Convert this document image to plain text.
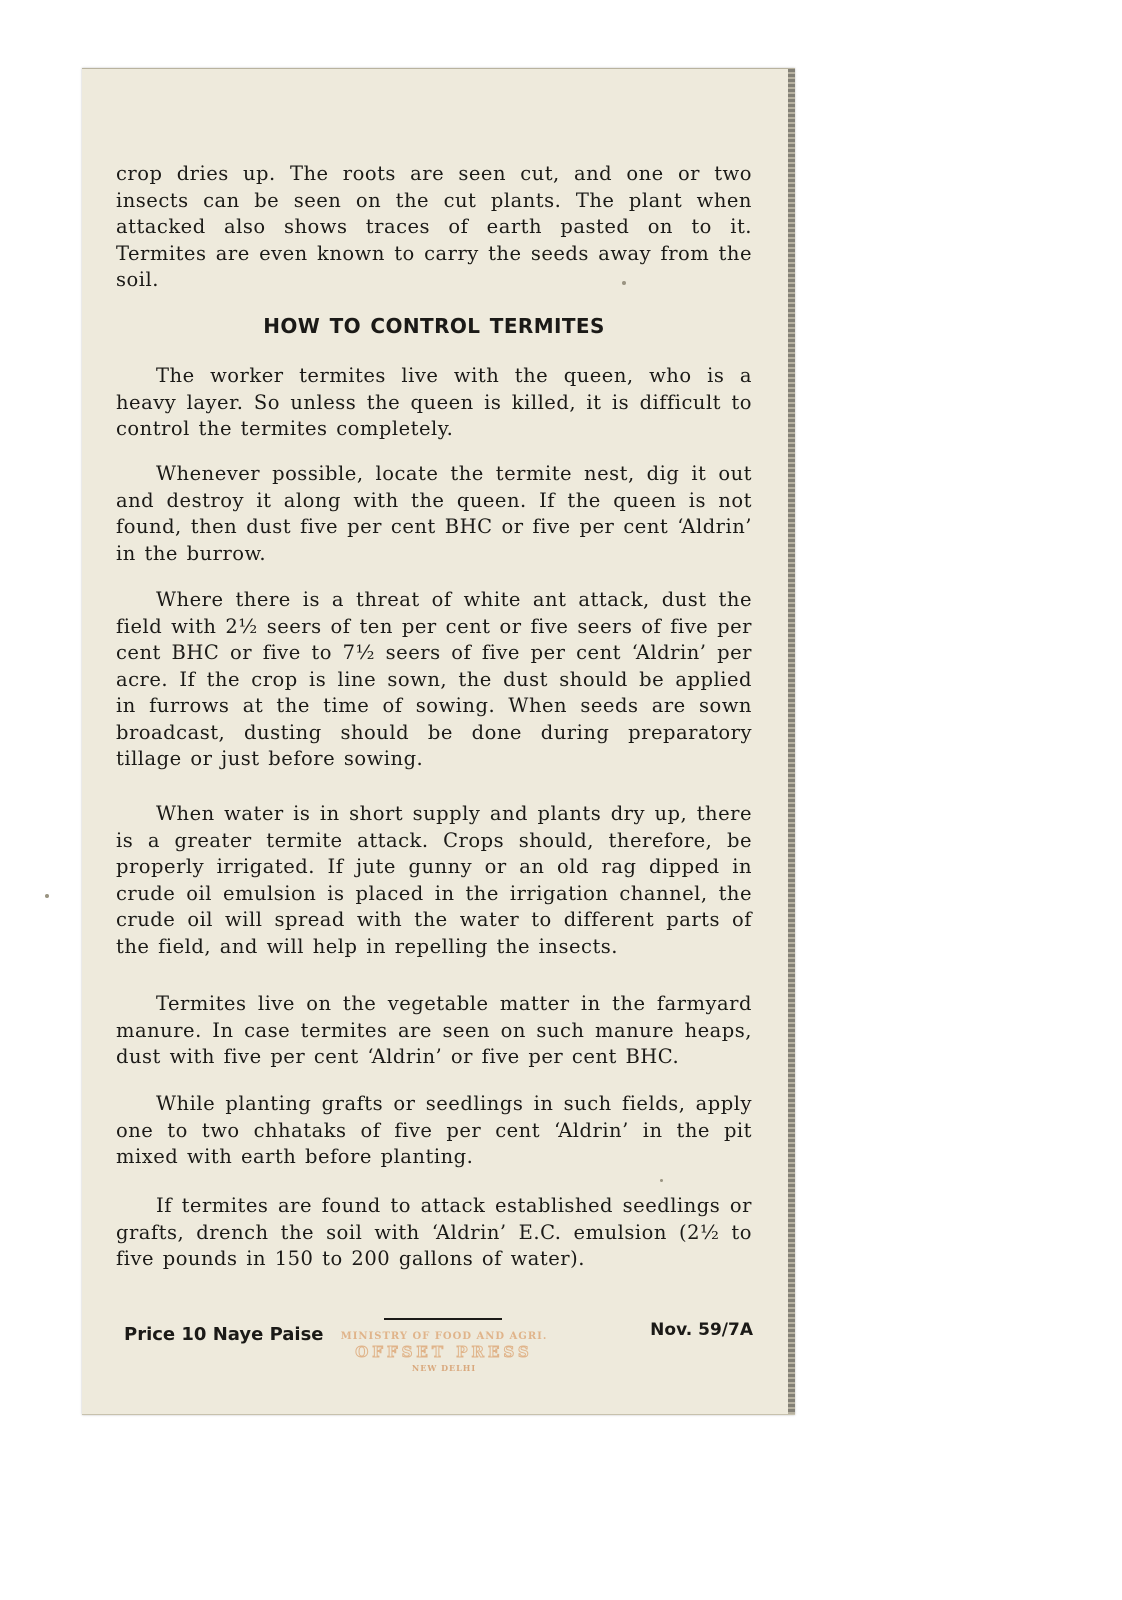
crop dries up. The roots are seen cut, and one or two insects can be seen on the cut plants. The plant when attacked also shows traces of earth pasted on to it. Termites are even known to carry the seeds away from the soil.

HOW TO CONTROL TERMITES

The worker termites live with the queen, who is a heavy layer. So unless the queen is killed, it is difficult to control the termites completely.

Whenever possible, locate the termite nest, dig it out and destroy it along with the queen. If the queen is not found, then dust five per cent BHC or five per cent ‘Aldrin’ in the burrow.

Where there is a threat of white ant attack, dust the field with 2½ seers of ten per cent or five seers of five per cent BHC or five to 7½ seers of five per cent ‘Aldrin’ per acre. If the crop is line sown, the dust should be applied in furrows at the time of sowing. When seeds are sown broadcast, dusting should be done during preparatory tillage or just before sowing.

When water is in short supply and plants dry up, there is a greater termite attack. Crops should, therefore, be properly irrigated. If jute gunny or an old rag dipped in crude oil emulsion is placed in the irrigation channel, the crude oil will spread with the water to different parts of the field, and will help in repelling the insects.

Termites live on the vegetable matter in the farmyard manure. In case termites are seen on such manure heaps, dust with five per cent ‘Aldrin’ or five per cent BHC.

While planting grafts or seedlings in such fields, apply one to two chhataks of five per cent ‘Aldrin’ in the pit mixed with earth before planting.

If termites are found to attack established seedlings or grafts, drench the soil with ‘Aldrin’ E.C. emulsion (2½ to five pounds in 150 to 200 gallons of water).

Price 10 Naye Paise	MINISTRY OF FOOD AND AGRI.
OFFSET PRESS
NEW DELHI
Nov. 59/7A
